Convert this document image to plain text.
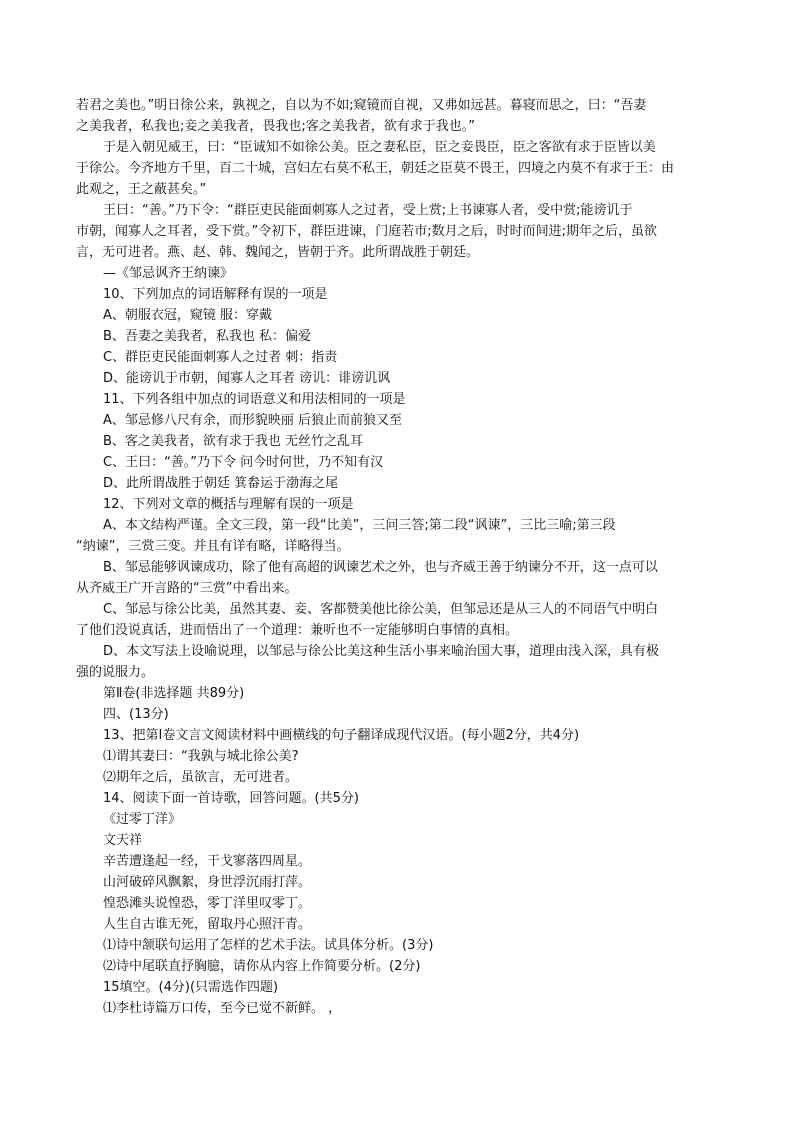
若君之美也。”明日徐公来，孰视之，自以为不如;窥镜而自视，又弗如远甚。暮寝而思之，曰：“吾妻
之美我者，私我也;妾之美我者，畏我也;客之美我者，欲有求于我也。”
于是入朝见威王，曰：“臣诚知不如徐公美。臣之妻私臣，臣之妾畏臣，臣之客欲有求于臣皆以美
于徐公。今齐地方千里，百二十城，宫妇左右莫不私王，朝廷之臣莫不畏王，四境之内莫不有求于王：由
此观之，王之蔽甚矣。”
王曰：“善。”乃下令：“群臣吏民能面刺寡人之过者，受上赏;上书谏寡人者，受中赏;能谤讥于
市朝，闻寡人之耳者，受下赏。”令初下，群臣进谏，门庭若市;数月之后，时时而间进;期年之后，虽欲
言，无可进者。燕、赵、韩、魏闻之，皆朝于齐。此所谓战胜于朝廷。
—《邹忌讽齐王纳谏》
10、下列加点的词语解释有误的一项是
A、朝服衣冠，窥镜 服：穿戴
B、吾妻之美我者，私我也 私：偏爱
C、群臣吏民能面刺寡人之过者 刺：指责
D、能谤讥于市朝，闻寡人之耳者 谤讥：诽谤讥讽
11、下列各组中加点的词语意义和用法相同的一项是
A、邹忌修八尺有余，而形貌映丽 后狼止而前狼又至
B、客之美我者，欲有求于我也 无丝竹之乱耳
C、王曰：“善。”乃下令 问今时何世，乃不知有汉
D、此所谓战胜于朝廷 箕畚运于渤海之尾
12、下列对文章的概括与理解有误的一项是
A、本文结构严谨。全文三段，第一段“比美”，三问三答;第二段“讽谏”，三比三喻;第三段
“纳谏”，三赏三变。并且有详有略，详略得当。
B、邹忌能够讽谏成功，除了他有高超的讽谏艺术之外，也与齐威王善于纳谏分不开，这一点可以
从齐威王广开言路的“三赏”中看出来。
C、邹忌与徐公比美，虽然其妻、妾、客都赞美他比徐公美，但邹忌还是从三人的不同语气中明白
了他们没说真话，进而悟出了一个道理：兼听也不一定能够明白事情的真相。
D、本文写法上设喻说理，以邹忌与徐公比美这种生活小事来喻治国大事，道理由浅入深，具有极
强的说服力。
第Ⅱ卷(非选择题 共89分)
四、(13分)
13、把第Ⅰ卷文言文阅读材料中画横线的句子翻译成现代汉语。(每小题2分，共4分)
⑴谓其妻曰：“我孰与城北徐公美?
⑵期年之后，虽欲言，无可进者。
14、阅读下面一首诗歌，回答问题。(共5分)
《过零丁洋》
文天祥
辛苦遭逢起一经，干戈寥落四周星。
山河破碎风飘絮，身世浮沉雨打萍。
惶恐滩头说惶恐，零丁洋里叹零丁。
人生自古谁无死，留取丹心照汗青。
⑴诗中颔联句运用了怎样的艺术手法。试具体分析。(3分)
⑵诗中尾联直抒胸臆，请你从内容上作简要分析。(2分)
15填空。(4分)(只需选作四题)
⑴李杜诗篇万口传，至今已觉不新鲜。 ，
